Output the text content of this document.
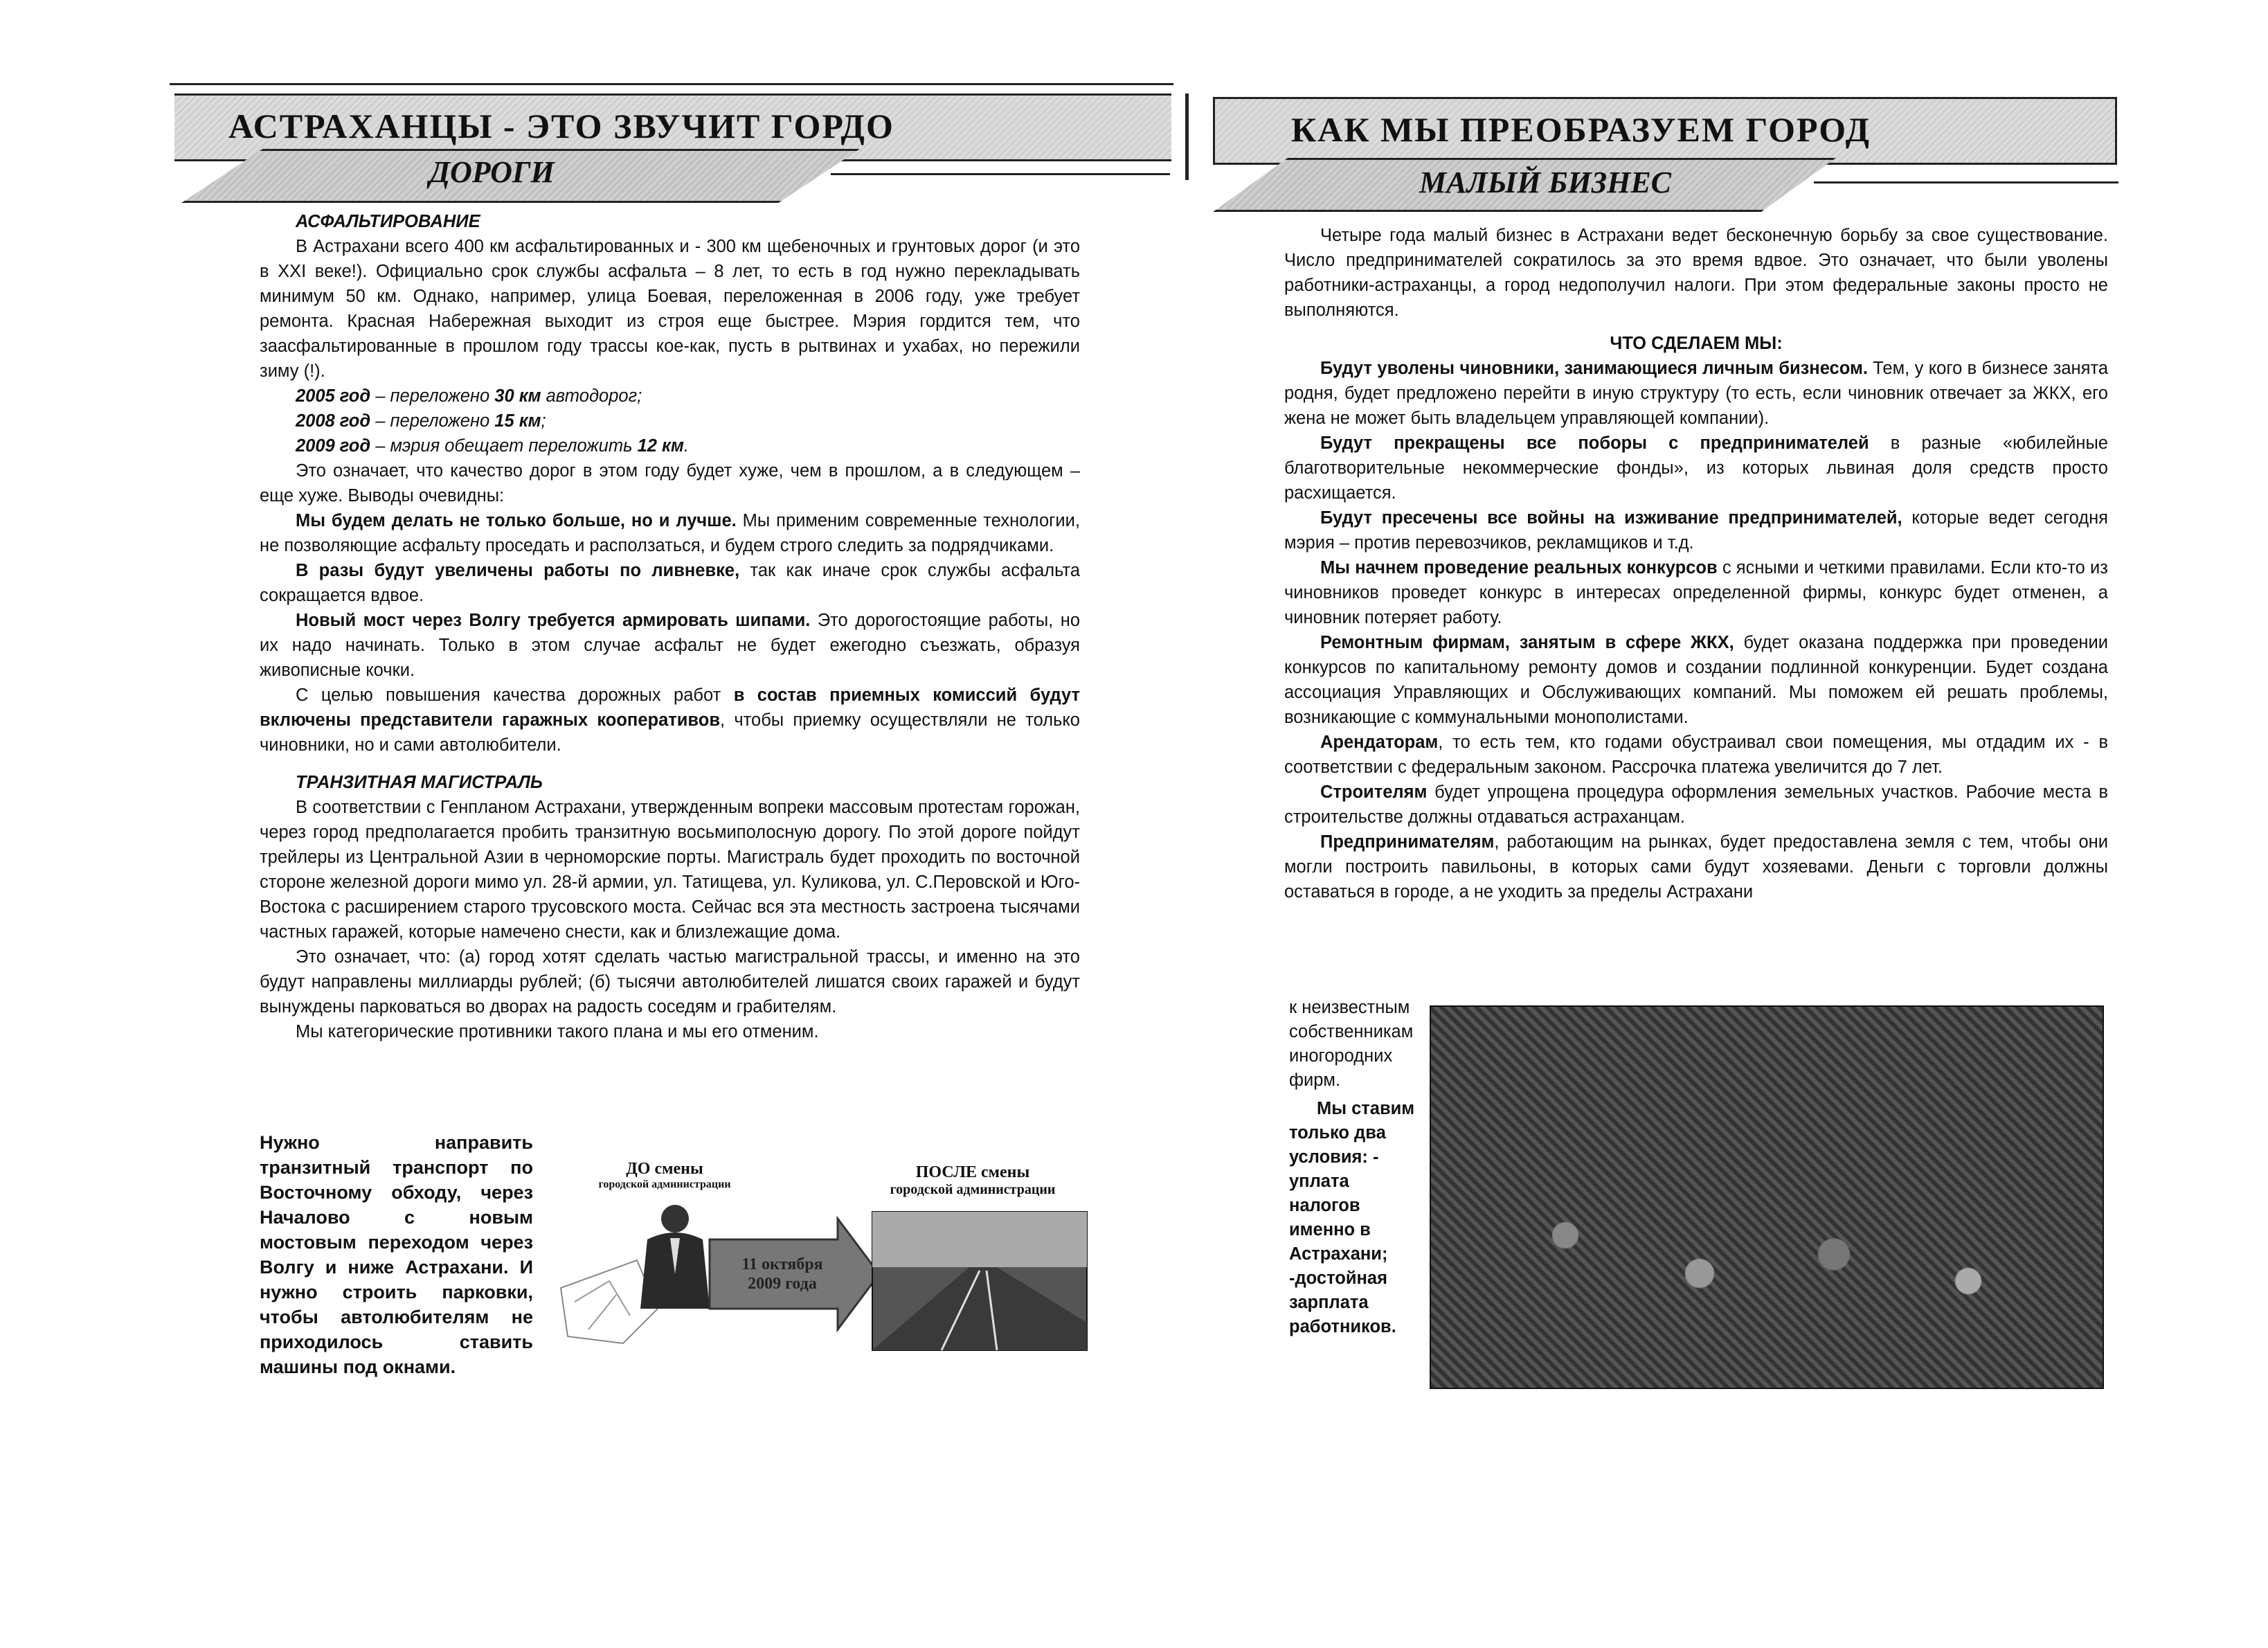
АСТРАХАНЦЫ - ЭТО ЗВУЧИТ ГОРДО
ДОРОГИ

АСФАЛЬТИРОВАНИЕ

В Астрахани всего 400 км асфальтированных и - 300 км щебеночных и грунтовых дорог (и это в XXI веке!). Официально срок службы асфальта – 8 лет, то есть в год нужно перекладывать минимум 50 км. Однако, например, улица Боевая, переложенная в 2006 году, уже требует ремонта. Красная Набережная выходит из строя еще быстрее. Мэрия гордится тем, что заасфальтированные в прошлом году трассы кое-как, пусть в рытвинах и ухабах, но пережили зиму (!).

2005 год – переложено 30 км автодорог;

2008 год – переложено 15 км;

2009 год – мэрия обещает переложить 12 км.

Это означает, что качество дорог в этом году будет хуже, чем в прошлом, а в следующем – еще хуже. Выводы очевидны:

Мы будем делать не только больше, но и лучше. Мы применим современные технологии, не позволяющие асфальту проседать и расползаться, и будем строго следить за подрядчиками.

В разы будут увеличены работы по ливневке, так как иначе срок службы асфальта сокращается вдвое.

Новый мост через Волгу требуется армировать шипами. Это дорогостоящие работы, но их надо начинать. Только в этом случае асфальт не будет ежегодно съезжать, образуя живописные кочки.

С целью повышения качества дорожных работ в состав приемных комиссий будут включены представители гаражных кооперативов, чтобы приемку осуществляли не только чиновники, но и сами автолюбители.

ТРАНЗИТНАЯ МАГИСТРАЛЬ

В соответствии с Генпланом Астрахани, утвержденным вопреки массовым протестам горожан, через город предполагается пробить транзитную восьмиполосную дорогу. По этой дороге пойдут трейлеры из Центральной Азии в черноморские порты. Магистраль будет проходить по восточной стороне железной дороги мимо ул. 28-й армии, ул. Татищева, ул. Куликова, ул. С.Перовской и Юго-Востока с расширением старого трусовского моста. Сейчас вся эта местность застроена тысячами частных гаражей, которые намечено снести, как и близлежащие дома.

Это означает, что: (а) город хотят сделать частью магистральной трассы, и именно на это будут направлены миллиарды рублей; (б) тысячи автолюбителей лишатся своих гаражей и будут вынуждены парковаться во дворах на радость соседям и грабителям.

Мы категорические противники такого плана и мы его отменим.

Нужно направить транзитный транспорт по Восточному обходу, через Началово с новым мостовым переходом через Волгу и ниже Астрахани. И нужно строить парковки, чтобы автолюбителям не приходилось ставить машины под окнами.
ДО смены
городской администрации
ПОСЛЕ смены
городской администрации
11 октября
2009 года
КАК МЫ ПРЕОБРАЗУЕМ ГОРОД
МАЛЫЙ БИЗНЕС

Четыре года малый бизнес в Астрахани ведет бесконечную борьбу за свое существование. Число предпринимателей сократилось за это время вдвое. Это означает, что были уволены работники-астраханцы, а город недополучил налоги. При этом федеральные законы просто не выполняются.

ЧТО СДЕЛАЕМ МЫ:

Будут уволены чиновники, занимающиеся личным бизнесом. Тем, у кого в бизнесе занята родня, будет предложено перейти в иную структуру (то есть, если чиновник отвечает за ЖКХ, его жена не может быть владельцем управляющей компании).

Будут прекращены все поборы с предпринимателей в разные «юбилейные благотворительные некоммерческие фонды», из которых львиная доля средств просто расхищается.

Будут пресечены все войны на изживание предпринимателей, которые ведет сегодня мэрия – против перевозчиков, рекламщиков и т.д.

Мы начнем проведение реальных конкурсов с ясными и четкими правилами. Если кто-то из чиновников проведет конкурс в интересах определенной фирмы, конкурс будет отменен, а чиновник потеряет работу.

Ремонтным фирмам, занятым в сфере ЖКХ, будет оказана поддержка при проведении конкурсов по капитальному ремонту домов и создании подлинной конкуренции. Будет создана ассоциация Управляющих и Обслуживающих компаний. Мы поможем ей решать проблемы, возникающие с коммунальными монополистами.

Арендаторам, то есть тем, кто годами обустраивал свои помещения, мы отдадим их - в соответствии с федеральным законом. Рассрочка платежа увеличится до 7 лет.

Строителям будет упрощена процедура оформления земельных участков. Рабочие места в строительстве должны отдаваться астраханцам.

Предпринимателям, работающим на рынках, будет предоставлена земля с тем, чтобы они могли построить павильоны, в которых сами будут хозяевами. Деньги с торговли должны оставаться в городе, а не уходить за пределы Астрахани

к неизвестным собственникам иногородних фирм.

Мы ставим только два условия: - уплата налогов именно в Астрахани; -достойная зарплата работников.
